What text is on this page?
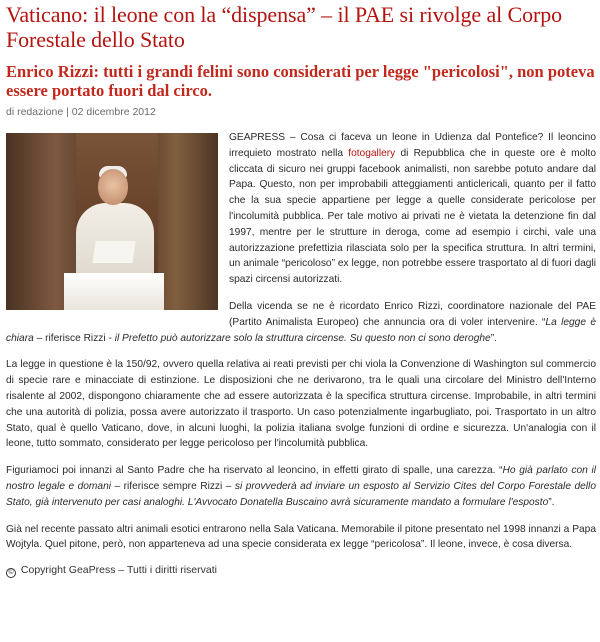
Vaticano: il leone con la “dispensa” – il PAE si rivolge al Corpo Forestale dello Stato
Enrico Rizzi: tutti i grandi felini sono considerati per legge "pericolosi", non poteva essere portato fuori dal circo.
di redazione | 02 dicembre 2012

GEAPRESS – Cosa ci faceva un leone in Udienza dal Pontefice? Il leoncino irrequieto mostrato nella fotogallery di Repubblica che in queste ore è molto cliccata di sicuro nei gruppi facebook animalisti, non sarebbe potuto andare dal Papa. Questo, non per improbabili atteggiamenti anticlericali, quanto per il fatto che la sua specie appartiene per legge a quelle considerate pericolose per l'incolumità pubblica. Per tale motivo ai privati ne è vietata la detenzione fin dal 1997, mentre per le strutture in deroga, come ad esempio i circhi, vale una autorizzazione prefettizia rilasciata solo per la specifica struttura. In altri termini, un animale “pericoloso” ex legge, non potrebbe essere trasportato al di fuori dagli spazi circensi autorizzati.

Della vicenda se ne è ricordato Enrico Rizzi, coordinatore nazionale del PAE (Partito Animalista Europeo) che annuncia ora di voler intervenire. “La legge è chiara – riferisce Rizzi - il Prefetto può autorizzare solo la struttura circense. Su questo non ci sono deroghe”.

La legge in questione è la 150/92, ovvero quella relativa ai reati previsti per chi viola la Convenzione di Washington sul commercio di specie rare e minacciate di estinzione. Le disposizioni che ne derivarono, tra le quali una circolare del Ministro dell'Interno risalente al 2002, dispongono chiaramente che ad essere autorizzata è la specifica struttura circense. Improbabile, in altri termini che una autorità di polizia, possa avere autorizzato il trasporto. Un caso potenzialmente ingarbugliato, poi. Trasportato in un altro Stato, qual è quello Vaticano, dove, in alcuni luoghi, la polizia italiana svolge funzioni di ordine e sicurezza. Un'analogia con il leone, tutto sommato, considerato per legge pericoloso per l'incolumità pubblica.

Figuriamoci poi innanzi al Santo Padre che ha riservato al leoncino, in effetti girato di spalle, una carezza. “Ho già parlato con il nostro legale e domani – riferisce sempre Rizzi – si provvederà ad inviare un esposto al Servizio Cites del Corpo Forestale dello Stato, già intervenuto per casi analoghi. L'Avvocato Donatella Buscaino avrà sicuramente mandato a formulare l'esposto”.

Già nel recente passato altri animali esotici entrarono nella Sala Vaticana. Memorabile il pitone presentato nel 1998 innanzi a Papa Wojtyla. Quel pitone, però, non apparteneva ad una specie considerata ex legge “pericolosa”. Il leone, invece, è cosa diversa.

© Copyright GeaPress – Tutti i diritti riservati
